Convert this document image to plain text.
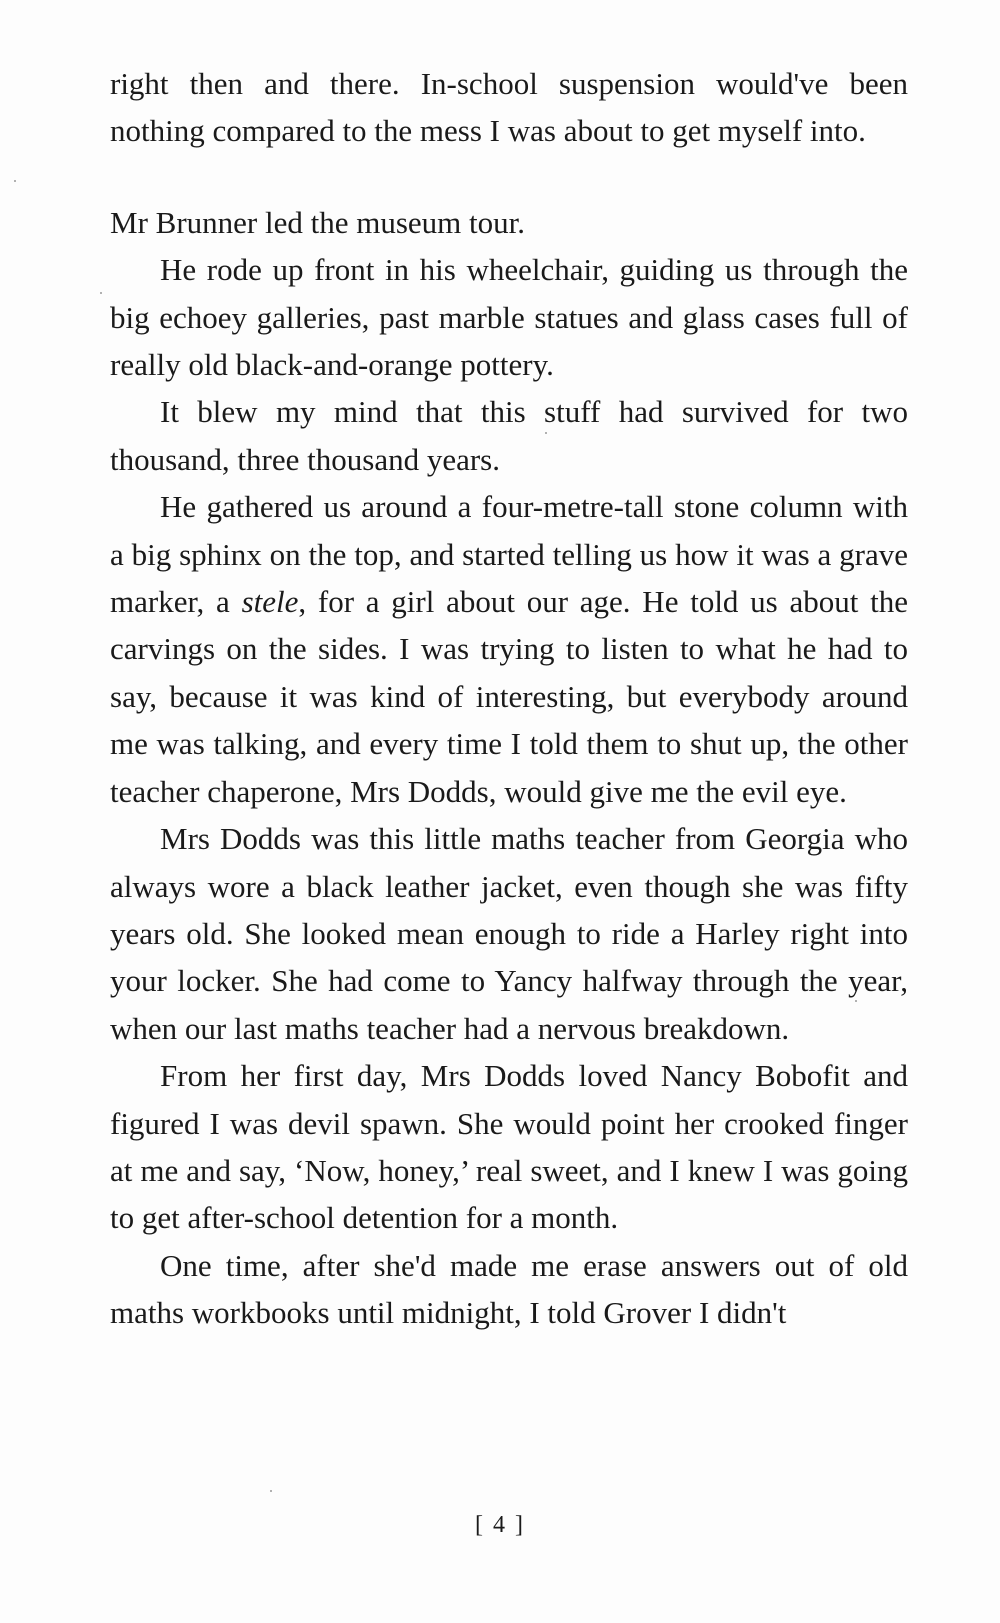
right then and there. In-school suspension would've been nothing compared to the mess I was about to get myself into.

Mr Brunner led the museum tour.

He rode up front in his wheelchair, guiding us through the big echoey galleries, past marble statues and glass cases full of really old black-and-orange pottery.

It blew my mind that this stuff had survived for two thousand, three thousand years.

He gathered us around a four-metre-tall stone column with a big sphinx on the top, and started telling us how it was a grave marker, a stele, for a girl about our age. He told us about the carvings on the sides. I was trying to listen to what he had to say, because it was kind of interesting, but everybody around me was talking, and every time I told them to shut up, the other teacher chaperone, Mrs Dodds, would give me the evil eye.

Mrs Dodds was this little maths teacher from Georgia who always wore a black leather jacket, even though she was fifty years old. She looked mean enough to ride a Harley right into your locker. She had come to Yancy halfway through the year, when our last maths teacher had a nervous breakdown.

From her first day, Mrs Dodds loved Nancy Bobofit and figured I was devil spawn. She would point her crooked finger at me and say, ‘Now, honey,’ real sweet, and I knew I was going to get after-school detention for a month.

One time, after she'd made me erase answers out of old maths workbooks until midnight, I told Grover I didn't

[ 4 ]
